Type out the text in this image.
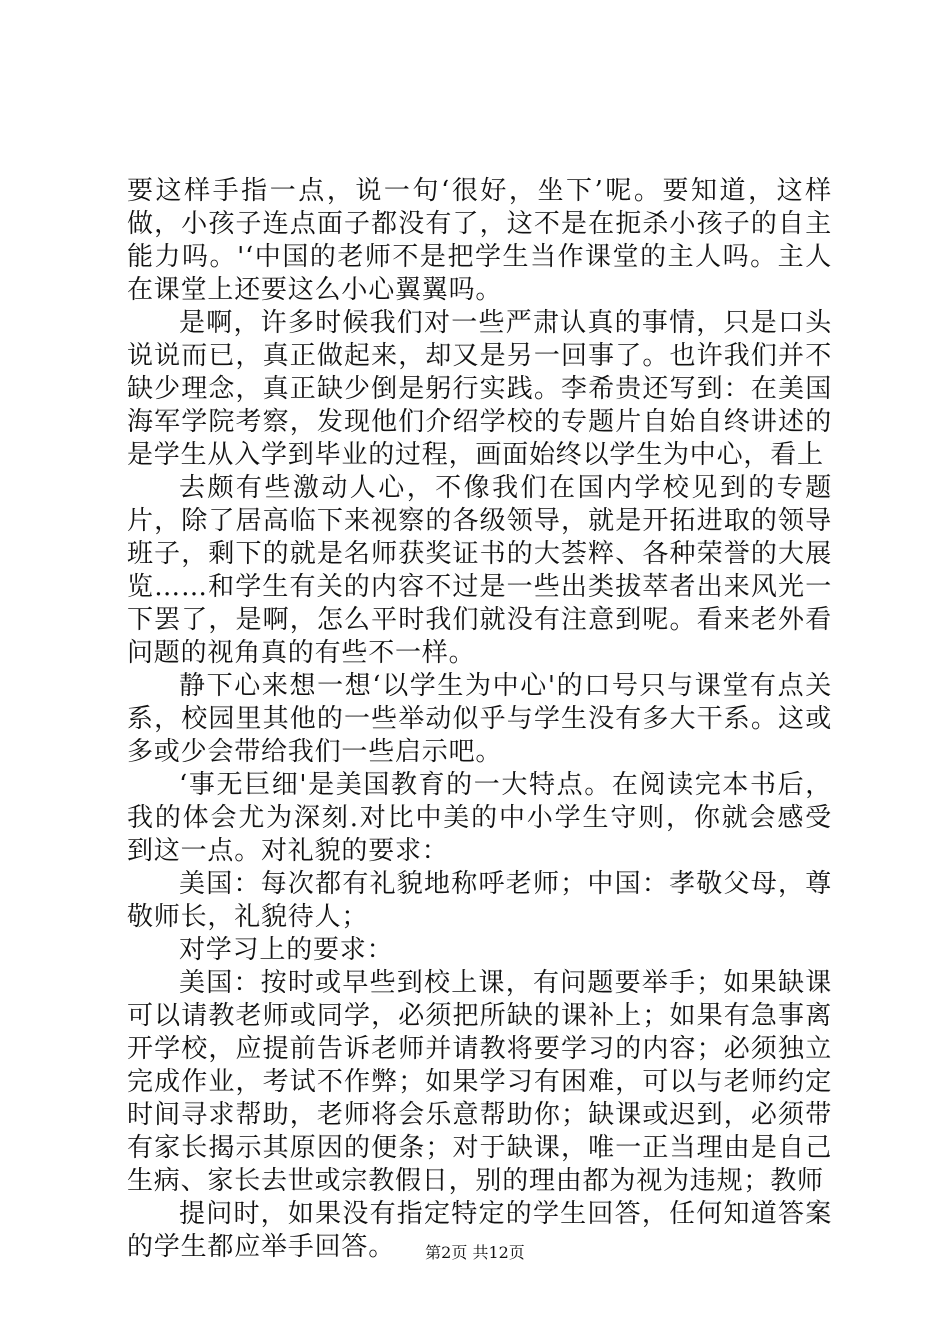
要这样手指一点，说一句‘很好，坐下’呢。要知道，这样做，小孩子连点面子都没有了，这不是在扼杀小孩子的自主能力吗。'‘中国的老师不是把学生当作课堂的主人吗。主人在课堂上还要这么小心翼翼吗。

是啊，许多时候我们对一些严肃认真的事情，只是口头说说而已，真正做起来，却又是另一回事了。也许我们并不缺少理念，真正缺少倒是躬行实践。李希贵还写到：在美国海军学院考察，发现他们介绍学校的专题片自始自终讲述的是学生从入学到毕业的过程，画面始终以学生为中心，看上

去颇有些激动人心，不像我们在国内学校见到的专题片，除了居高临下来视察的各级领导，就是开拓进取的领导班子，剩下的就是名师获奖证书的大荟粹、各种荣誉的大展览……和学生有关的内容不过是一些出类拔萃者出来风光一下罢了，是啊，怎么平时我们就没有注意到呢。看来老外看问题的视角真的有些不一样。

静下心来想一想‘以学生为中心'的口号只与课堂有点关系，校园里其他的一些举动似乎与学生没有多大干系。这或多或少会带给我们一些启示吧。

‘事无巨细'是美国教育的一大特点。在阅读完本书后，我的体会尤为深刻.对比中美的中小学生守则，你就会感受到这一点。对礼貌的要求：

美国：每次都有礼貌地称呼老师；中国：孝敬父母，尊敬师长，礼貌待人；

对学习上的要求：

美国：按时或早些到校上课，有问题要举手；如果缺课可以请教老师或同学，必须把所缺的课补上；如果有急事离开学校，应提前告诉老师并请教将要学习的内容；必须独立完成作业，考试不作弊；如果学习有困难，可以与老师约定时间寻求帮助，老师将会乐意帮助你；缺课或迟到，必须带有家长揭示其原因的便条；对于缺课，唯一正当理由是自己生病、家长去世或宗教假日，别的理由都为视为违规；教师

提问时，如果没有指定特定的学生回答，任何知道答案的学生都应举手回答。	第2页 共12页
